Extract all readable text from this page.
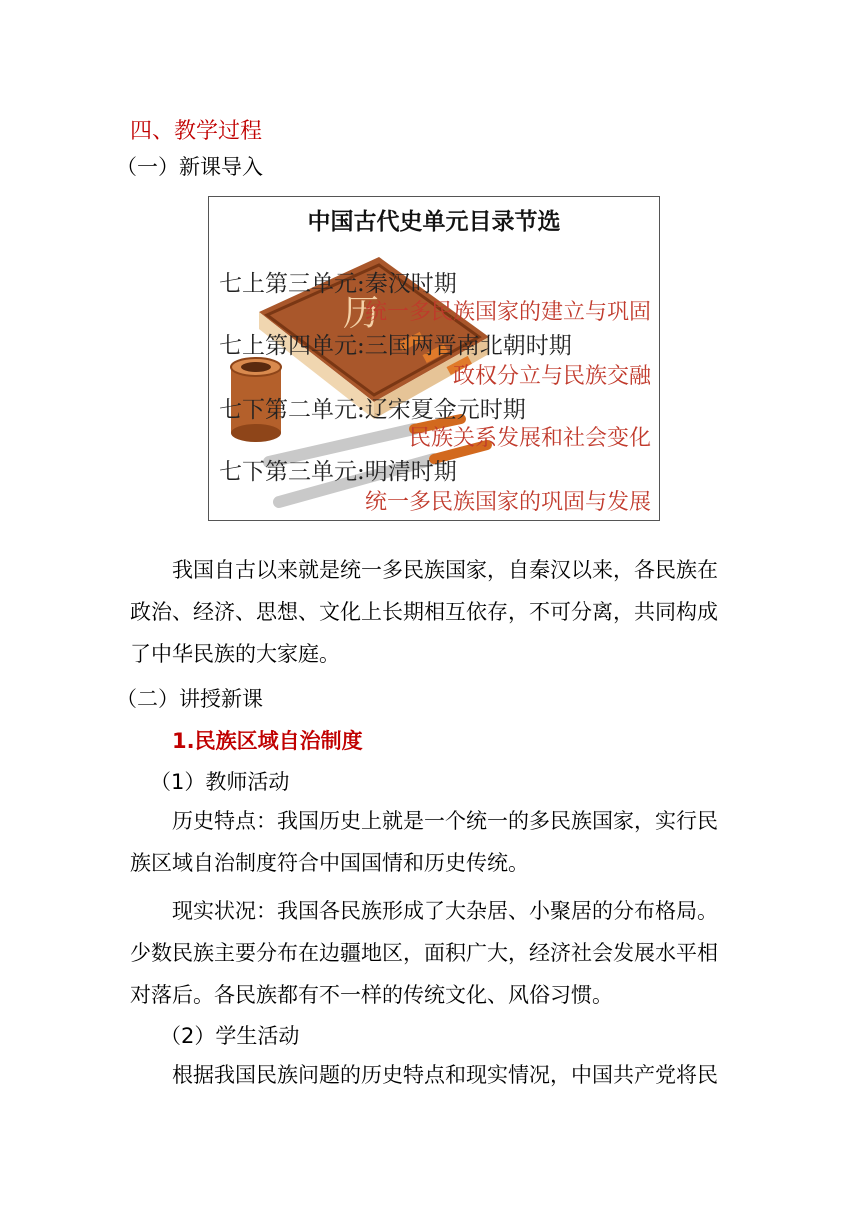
四、教学过程
（一）新课导入
历
中国古代史单元目录节选
七上第三单元:秦汉时期
统一多民族国家的建立与巩固
七上第四单元:三国两晋南北朝时期
政权分立与民族交融
七下第二单元:辽宋夏金元时期
民族关系发展和社会变化
七下第三单元:明清时期
统一多民族国家的巩固与发展
我国自古以来就是统一多民族国家，自秦汉以来，各民族在
政治、经济、思想、文化上长期相互依存，不可分离，共同构成
了中华民族的大家庭。
（二）讲授新课
1.民族区域自治制度
（1）教师活动
历史特点：我国历史上就是一个统一的多民族国家，实行民
族区域自治制度符合中国国情和历史传统。
现实状况：我国各民族形成了大杂居、小聚居的分布格局。
少数民族主要分布在边疆地区，面积广大，经济社会发展水平相
对落后。各民族都有不一样的传统文化、风俗习惯。
（2）学生活动
根据我国民族问题的历史特点和现实情况，中国共产党将民
